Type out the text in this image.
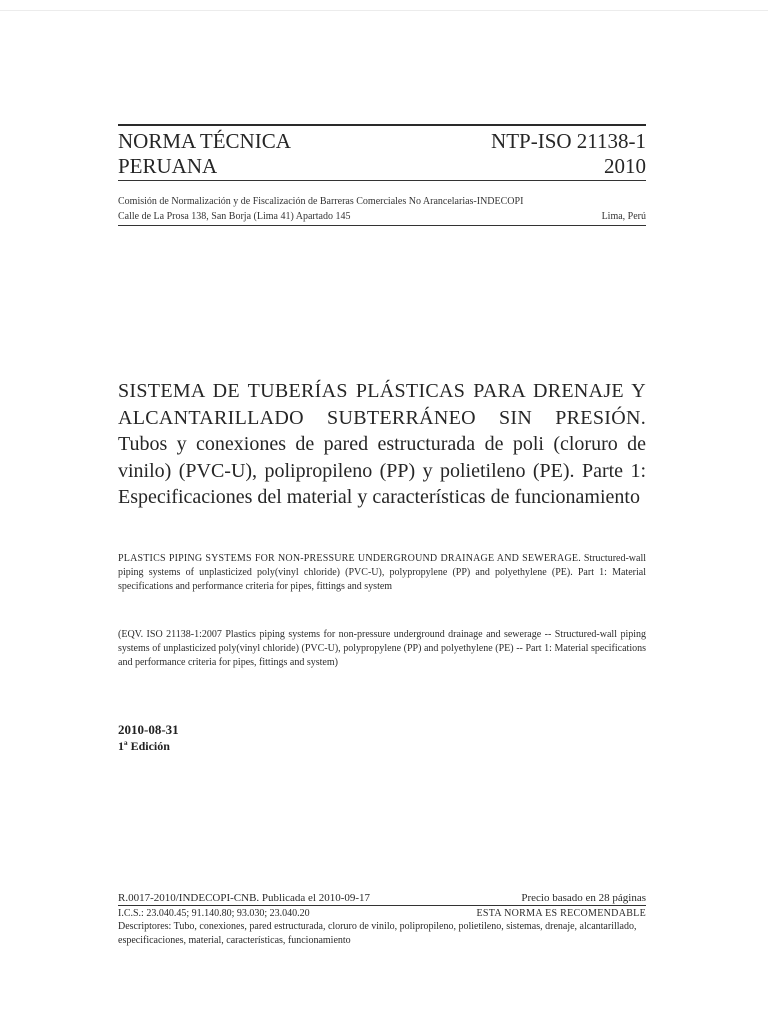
NORMA TÉCNICA
PERUANA
NTP-ISO 21138-1
2010
Comisión de Normalización y de Fiscalización de Barreras Comerciales No Arancelarias-INDECOPI
Calle de La Prosa 138, San Borja (Lima 41) Apartado 145	Lima, Perú
SISTEMA DE TUBERÍAS PLÁSTICAS PARA DRENAJE Y ALCANTARILLADO SUBTERRÁNEO SIN PRESIÓN. Tubos y conexiones de pared estructurada de poli (cloruro de vinilo) (PVC-U), polipropileno (PP) y polietileno (PE). Parte 1: Especificaciones del material y características de funcionamiento
PLASTICS PIPING SYSTEMS FOR NON-PRESSURE UNDERGROUND DRAINAGE AND SEWERAGE. Structured-wall piping systems of unplasticized poly(vinyl chloride) (PVC-U), polypropylene (PP) and polyethylene (PE). Part 1: Material specifications and performance criteria for pipes, fittings and system
(EQV. ISO 21138-1:2007 Plastics piping systems for non-pressure underground drainage and sewerage -- Structured-wall piping systems of unplasticized poly(vinyl chloride) (PVC-U), polypropylene (PP) and polyethylene (PE) -- Part 1: Material specifications and performance criteria for pipes, fittings and system)
2010-08-31
1ª Edición
R.0017-2010/INDECOPI-CNB. Publicada el 2010-09-17	Precio basado en 28 páginas
I.C.S.: 23.040.45; 91.140.80; 93.030; 23.040.20	ESTA NORMA ES RECOMENDABLE
Descriptores: Tubo, conexiones, pared estructurada, cloruro de vinilo, polipropileno, polietileno, sistemas, drenaje, alcantarillado, especificaciones, material, características, funcionamiento
